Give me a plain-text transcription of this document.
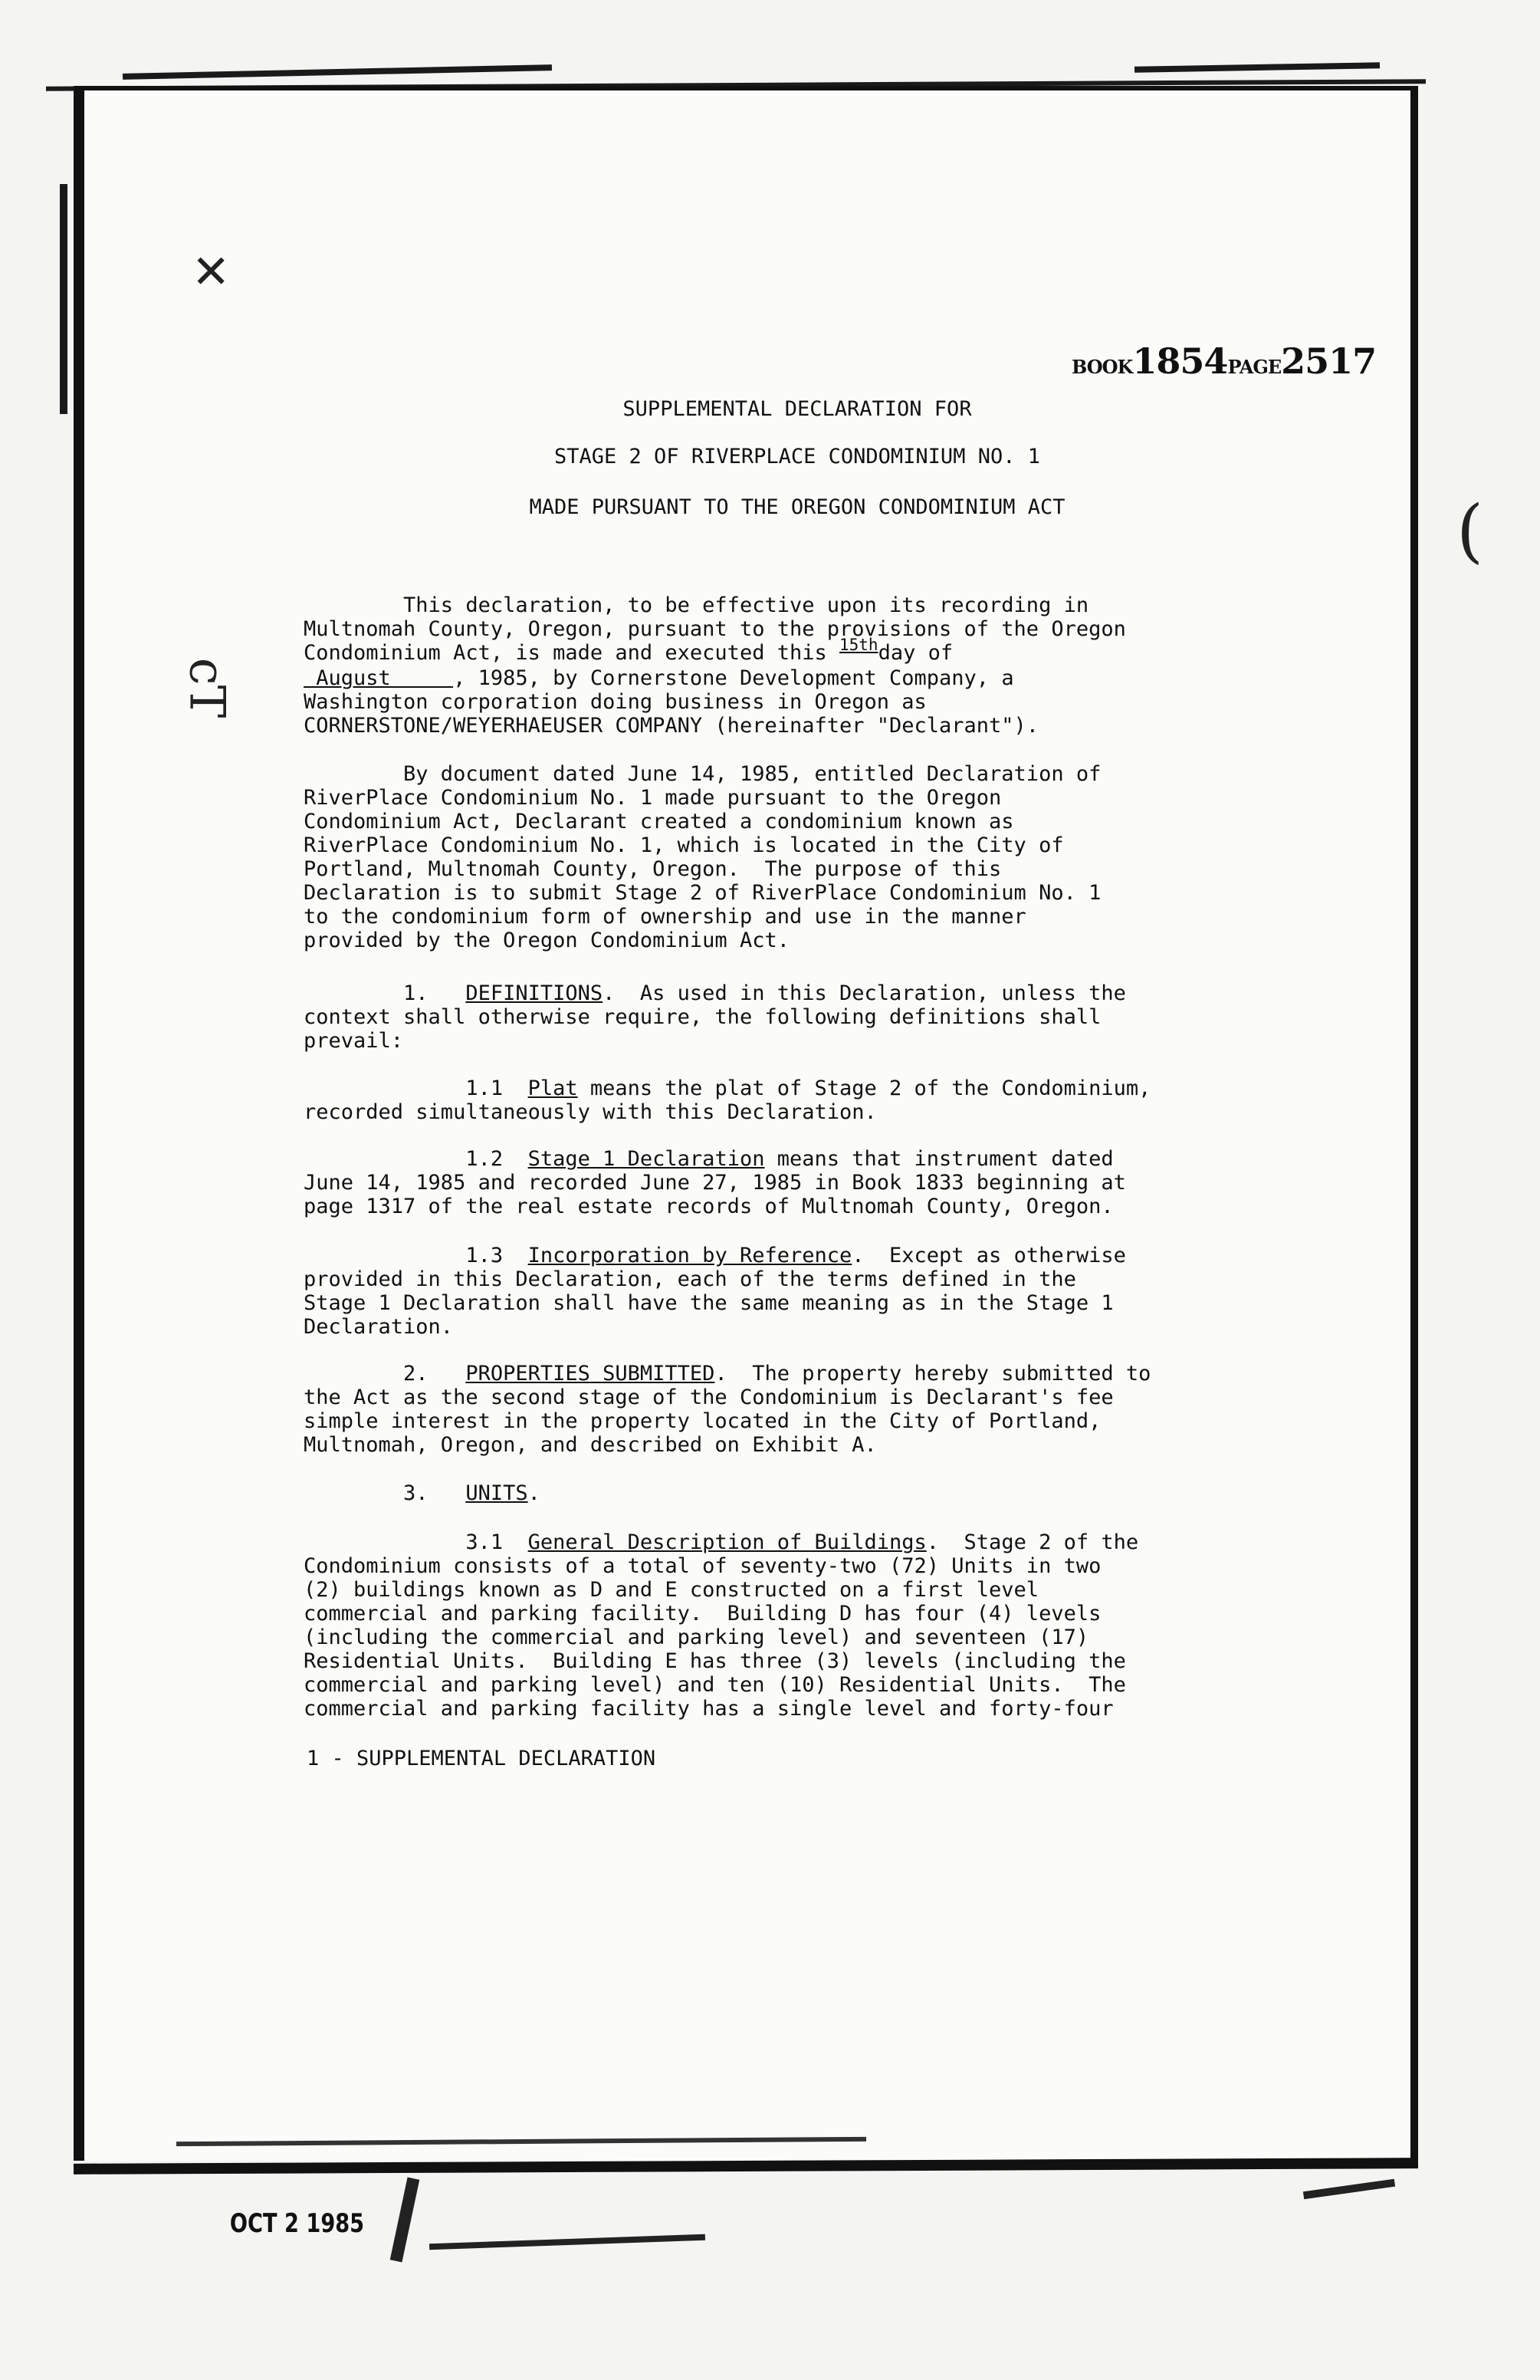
✕
cT
(
BOOK1854PAGE2517
SUPPLEMENTAL DECLARATION FOR
STAGE 2 OF RIVERPLACE CONDOMINIUM NO. 1
MADE PURSUANT TO THE OREGON CONDOMINIUM ACT
This declaration, to be effective upon its recording in
Multnomah County, Oregon, pursuant to the provisions of the Oregon
Condominium Act, is made and executed this $^{15th}$day of
August     , 1985, by Cornerstone Development Company, a
Washington corporation doing business in Oregon as
CORNERSTONE/WEYERHAEUSER COMPANY (hereinafter "Declarant").
By document dated June 14, 1985, entitled Declaration of
RiverPlace Condominium No. 1 made pursuant to the Oregon
Condominium Act, Declarant created a condominium known as
RiverPlace Condominium No. 1, which is located in the City of
Portland, Multnomah County, Oregon.  The purpose of this
Declaration is to submit Stage 2 of RiverPlace Condominium No. 1
to the condominium form of ownership and use in the manner
provided by the Oregon Condominium Act.
1.   DEFINITIONS.  As used in this Declaration, unless the
context shall otherwise require, the following definitions shall
prevail:
1.1  Plat means the plat of Stage 2 of the Condominium,
recorded simultaneously with this Declaration.
1.2  Stage 1 Declaration means that instrument dated
June 14, 1985 and recorded June 27, 1985 in Book 1833 beginning at
page 1317 of the real estate records of Multnomah County, Oregon.
1.3  Incorporation by Reference.  Except as otherwise
provided in this Declaration, each of the terms defined in the
Stage 1 Declaration shall have the same meaning as in the Stage 1
Declaration.
2.   PROPERTIES SUBMITTED.  The property hereby submitted to
the Act as the second stage of the Condominium is Declarant's fee
simple interest in the property located in the City of Portland,
Multnomah, Oregon, and described on Exhibit A.
3.   UNITS.
3.1  General Description of Buildings.  Stage 2 of the
Condominium consists of a total of seventy-two (72) Units in two
(2) buildings known as D and E constructed on a first level
commercial and parking facility.  Building D has four (4) levels
(including the commercial and parking level) and seventeen (17)
Residential Units.  Building E has three (3) levels (including the
commercial and parking level) and ten (10) Residential Units.  The
commercial and parking facility has a single level and forty-four
1 - SUPPLEMENTAL DECLARATION
OCT 2 1985
